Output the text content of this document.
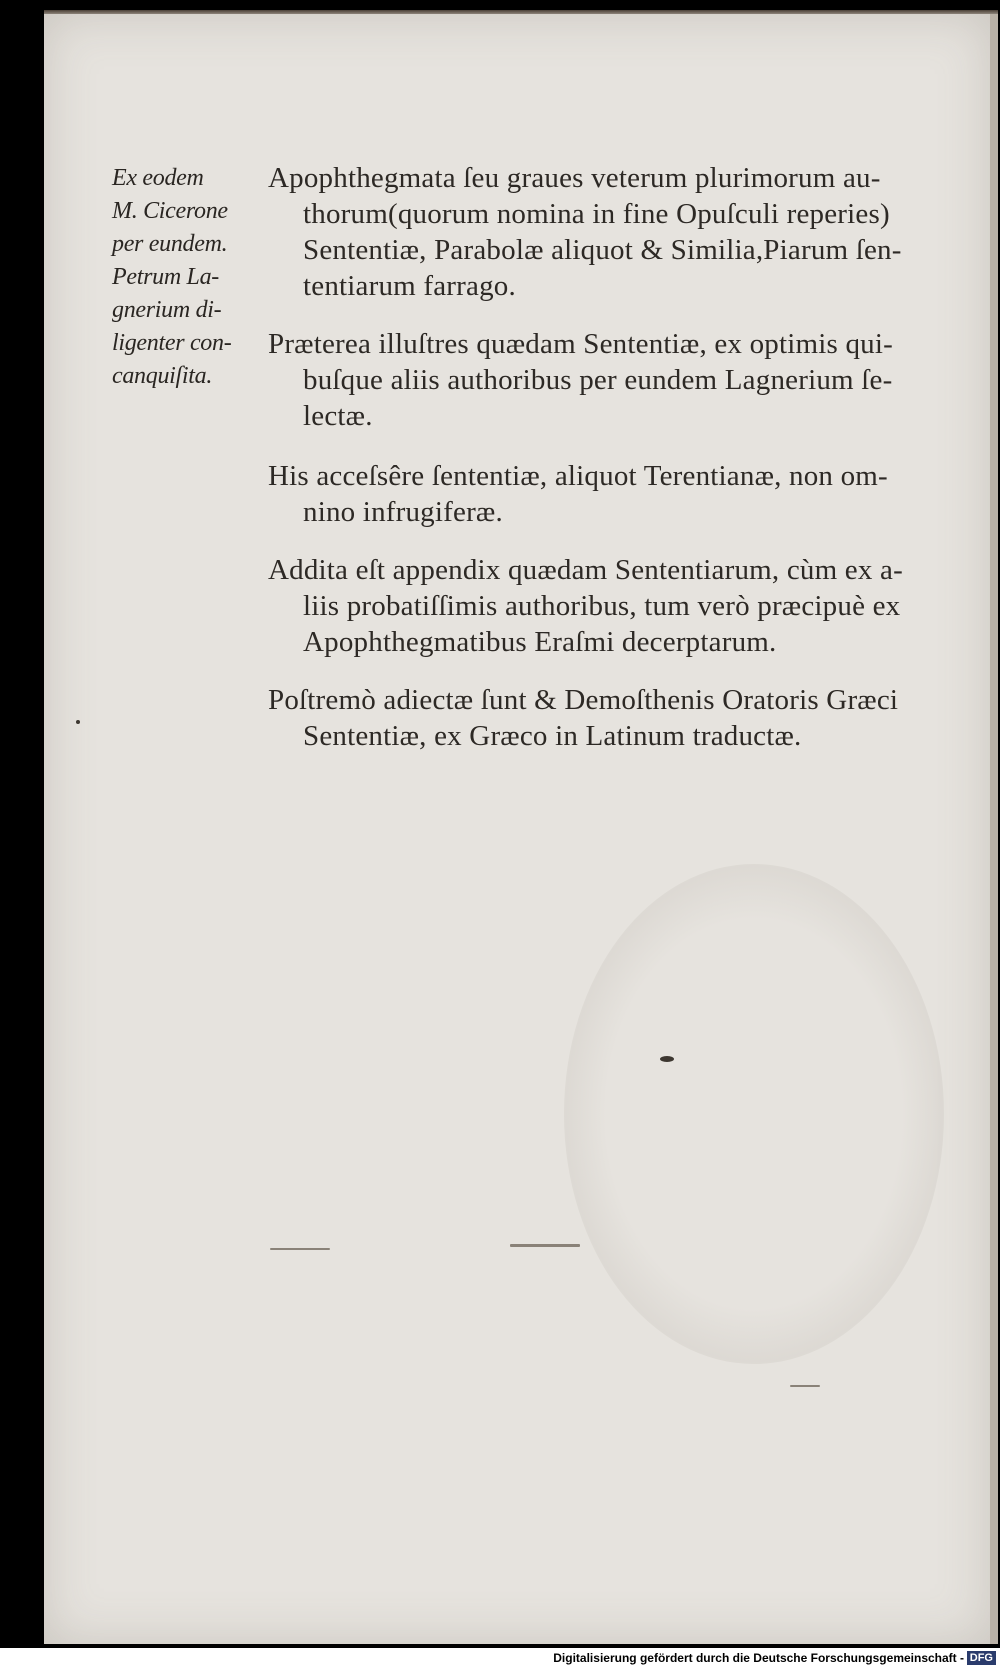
Ex eodem
M. Cicerone
per eundem.
Petrum La-
gnerium di-
ligenter con-
canquiſita.
Apophthegmata ſeu graues veterum plurimorum au-
thorum(quorum nomina in fine Opuſculi reperies)
Sententiæ, Parabolæ aliquot & Similia,Piarum ſen-
tentiarum farrago.
Præterea illuſtres quædam Sententiæ, ex optimis qui-
buſque aliis authoribus per eundem Lagnerium ſe-
lectæ.
His acceſsêre ſententiæ, aliquot Terentianæ, non om-
nino infrugiferæ.
Addita eſt appendix quædam Sententiarum, cùm ex a-
liis probatiſſimis authoribus, tum verò præcipuè ex
Apophthegmatibus Eraſmi decerptarum.
Poſtremò adiectæ ſunt & Demoſthenis Oratoris Græci
Sententiæ, ex Græco in Latinum traductæ.
Digitalisierung gefördert durch die Deutsche Forschungsgemeinschaft - DFG
